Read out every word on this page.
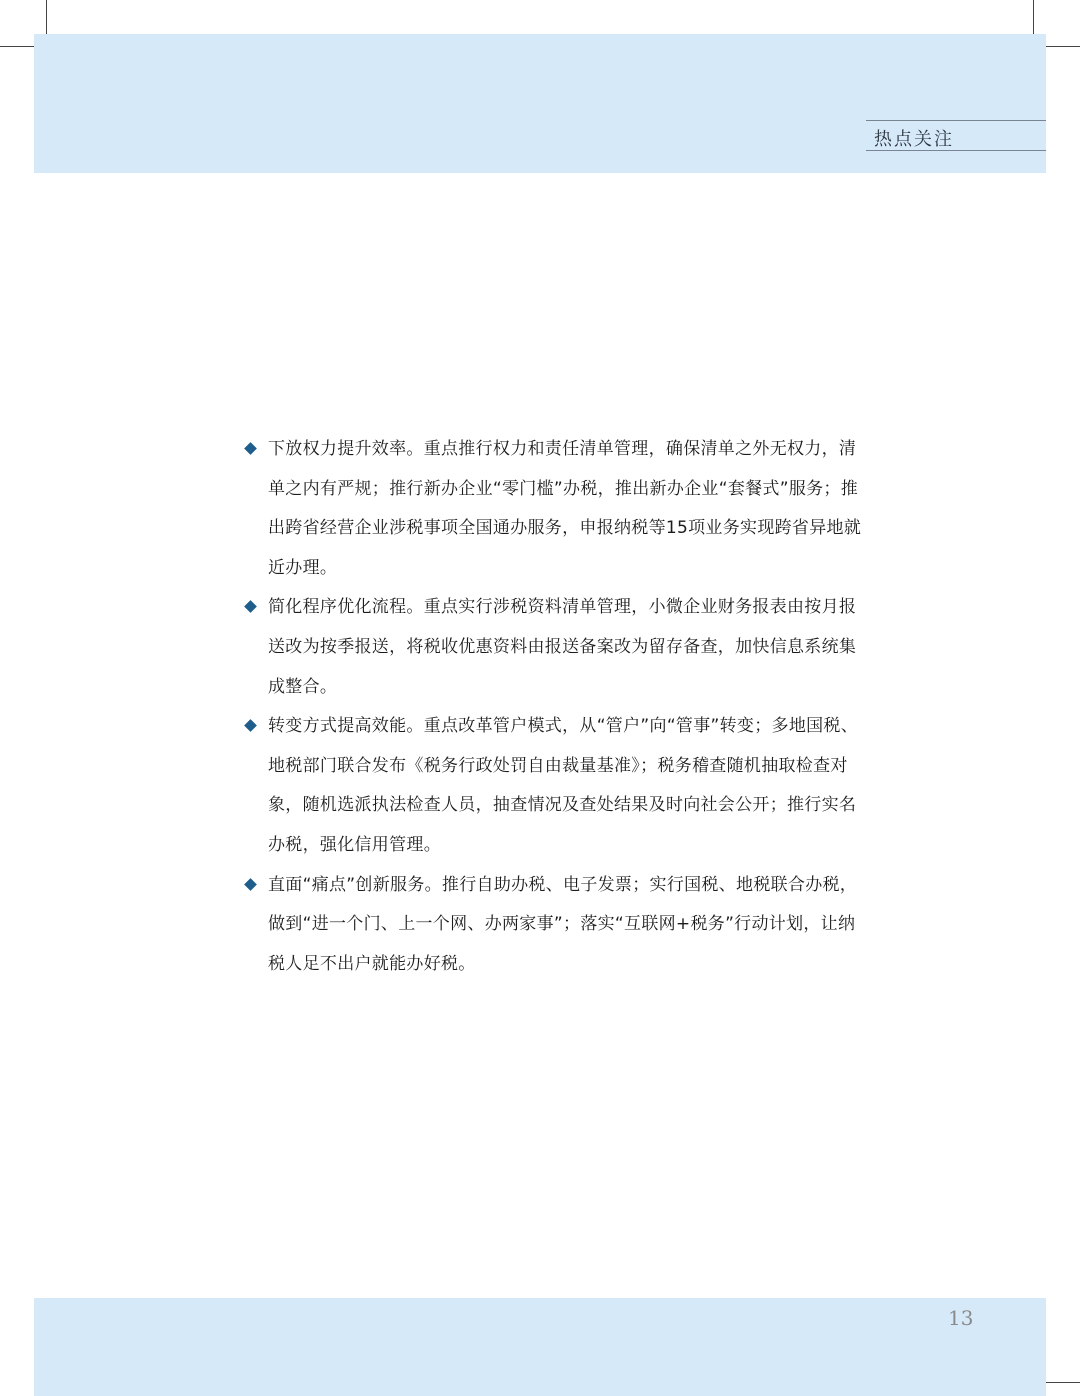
热点关注
下放权力提升效率。重点推行权力和责任清单管理，确保清单之外无权力，清单之内有严规；推行新办企业“零门槛”办税，推出新办企业“套餐式”服务；推出跨省经营企业涉税事项全国通办服务，申报纳税等15项业务实现跨省异地就近办理。
简化程序优化流程。重点实行涉税资料清单管理，小微企业财务报表由按月报送改为按季报送，将税收优惠资料由报送备案改为留存备查，加快信息系统集成整合。
转变方式提高效能。重点改革管户模式，从“管户”向“管事”转变；多地国税、地税部门联合发布《税务行政处罚自由裁量基准》；税务稽查随机抽取检查对象，随机选派执法检查人员，抽查情况及查处结果及时向社会公开；推行实名办税，强化信用管理。
直面“痛点”创新服务。推行自助办税、电子发票；实行国税、地税联合办税，做到“进一个门、上一个网、办两家事”；落实“互联网+税务”行动计划，让纳税人足不出户就能办好税。
13
